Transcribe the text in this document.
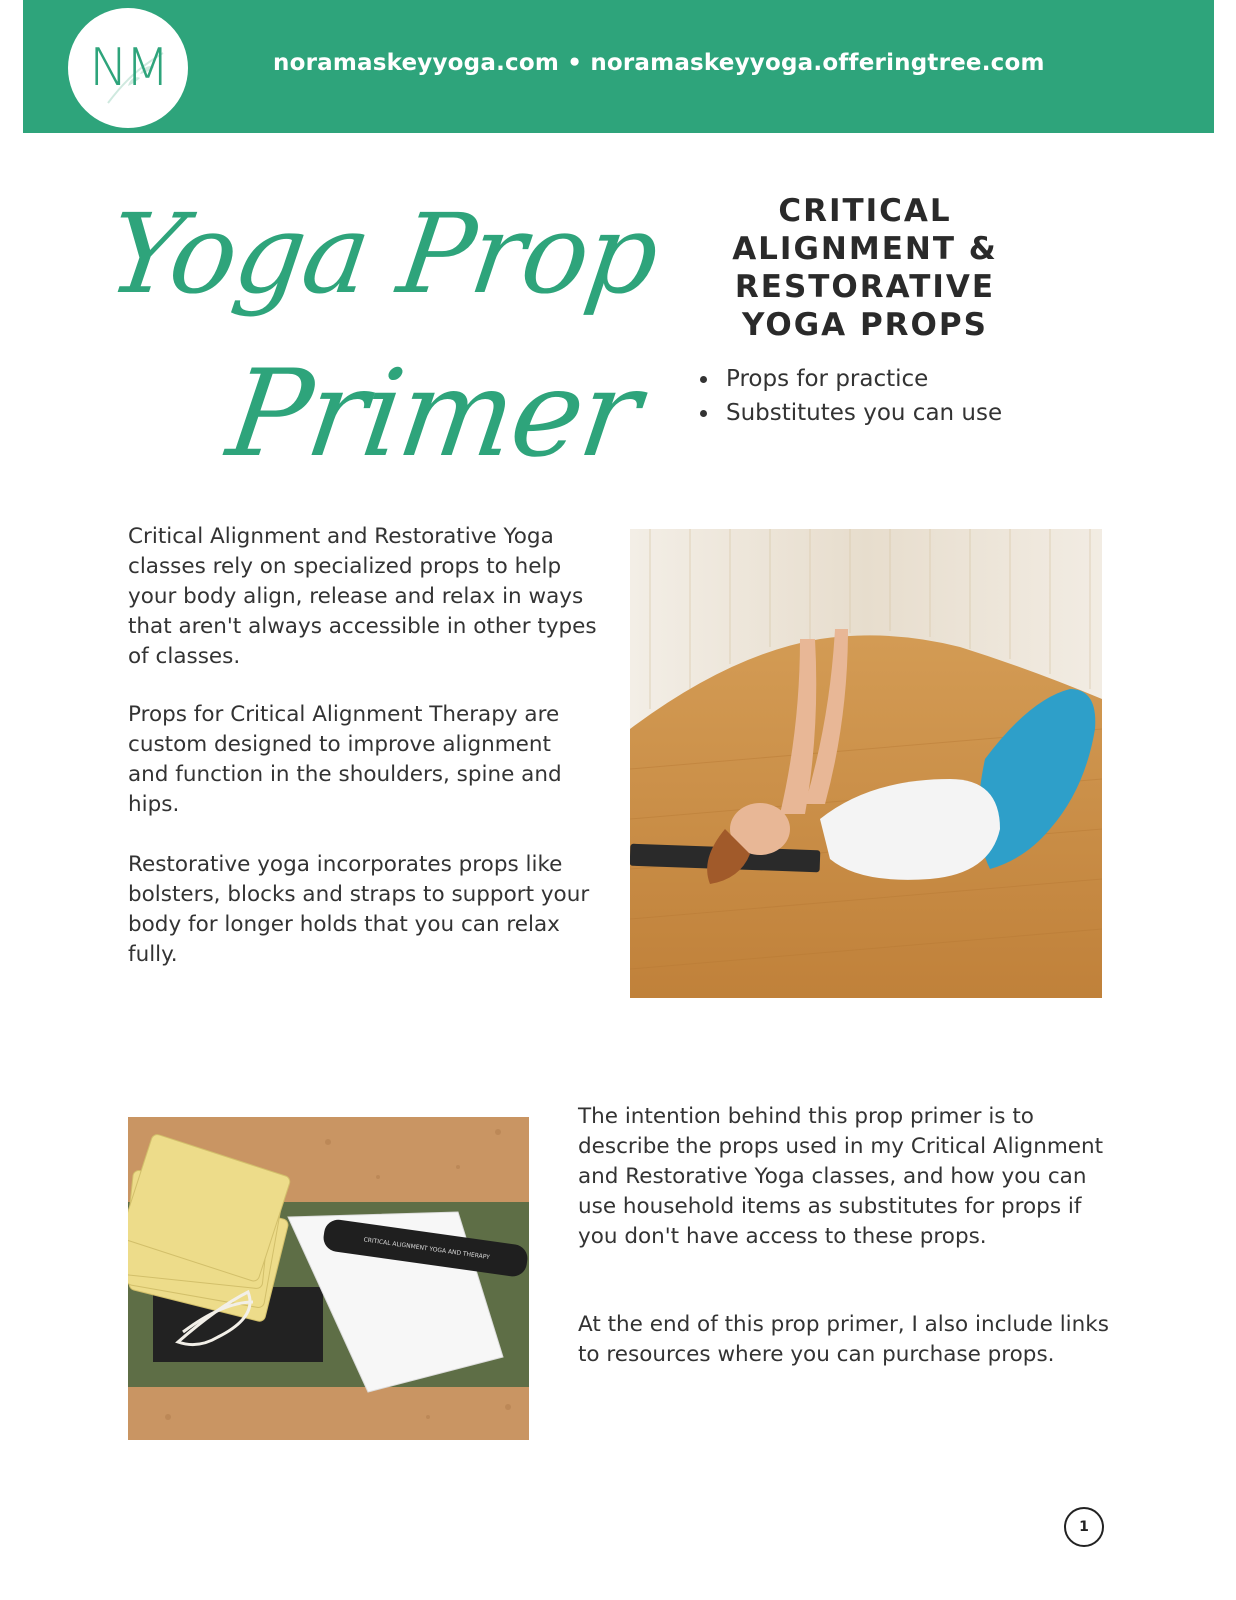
NM	noramaskeyyoga.com • noramaskeyyoga.offeringtree.com
Yoga Prop
Primer
CRITICAL
ALIGNMENT &
RESTORATIVE
YOGA PROPS
Props for practice
Substitutes you can use

Critical Alignment and Restorative Yoga classes rely on specialized props to help your body align, release and relax in ways that aren't always accessible in other types of classes.

Props for Critical Alignment Therapy are custom designed to improve alignment and function in the shoulders, spine and hips.

Restorative yoga incorporates props like bolsters, blocks and straps to support your body for longer holds that you can relax fully.

CRITICAL ALIGNMENT YOGA AND THERAPY

The intention behind this prop primer is to describe the props used in my Critical Alignment and Restorative Yoga classes, and how you can use household items as substitutes for props if you don't have access to these props.

At the end of this prop primer, I also include links to resources where you can purchase props.

1
